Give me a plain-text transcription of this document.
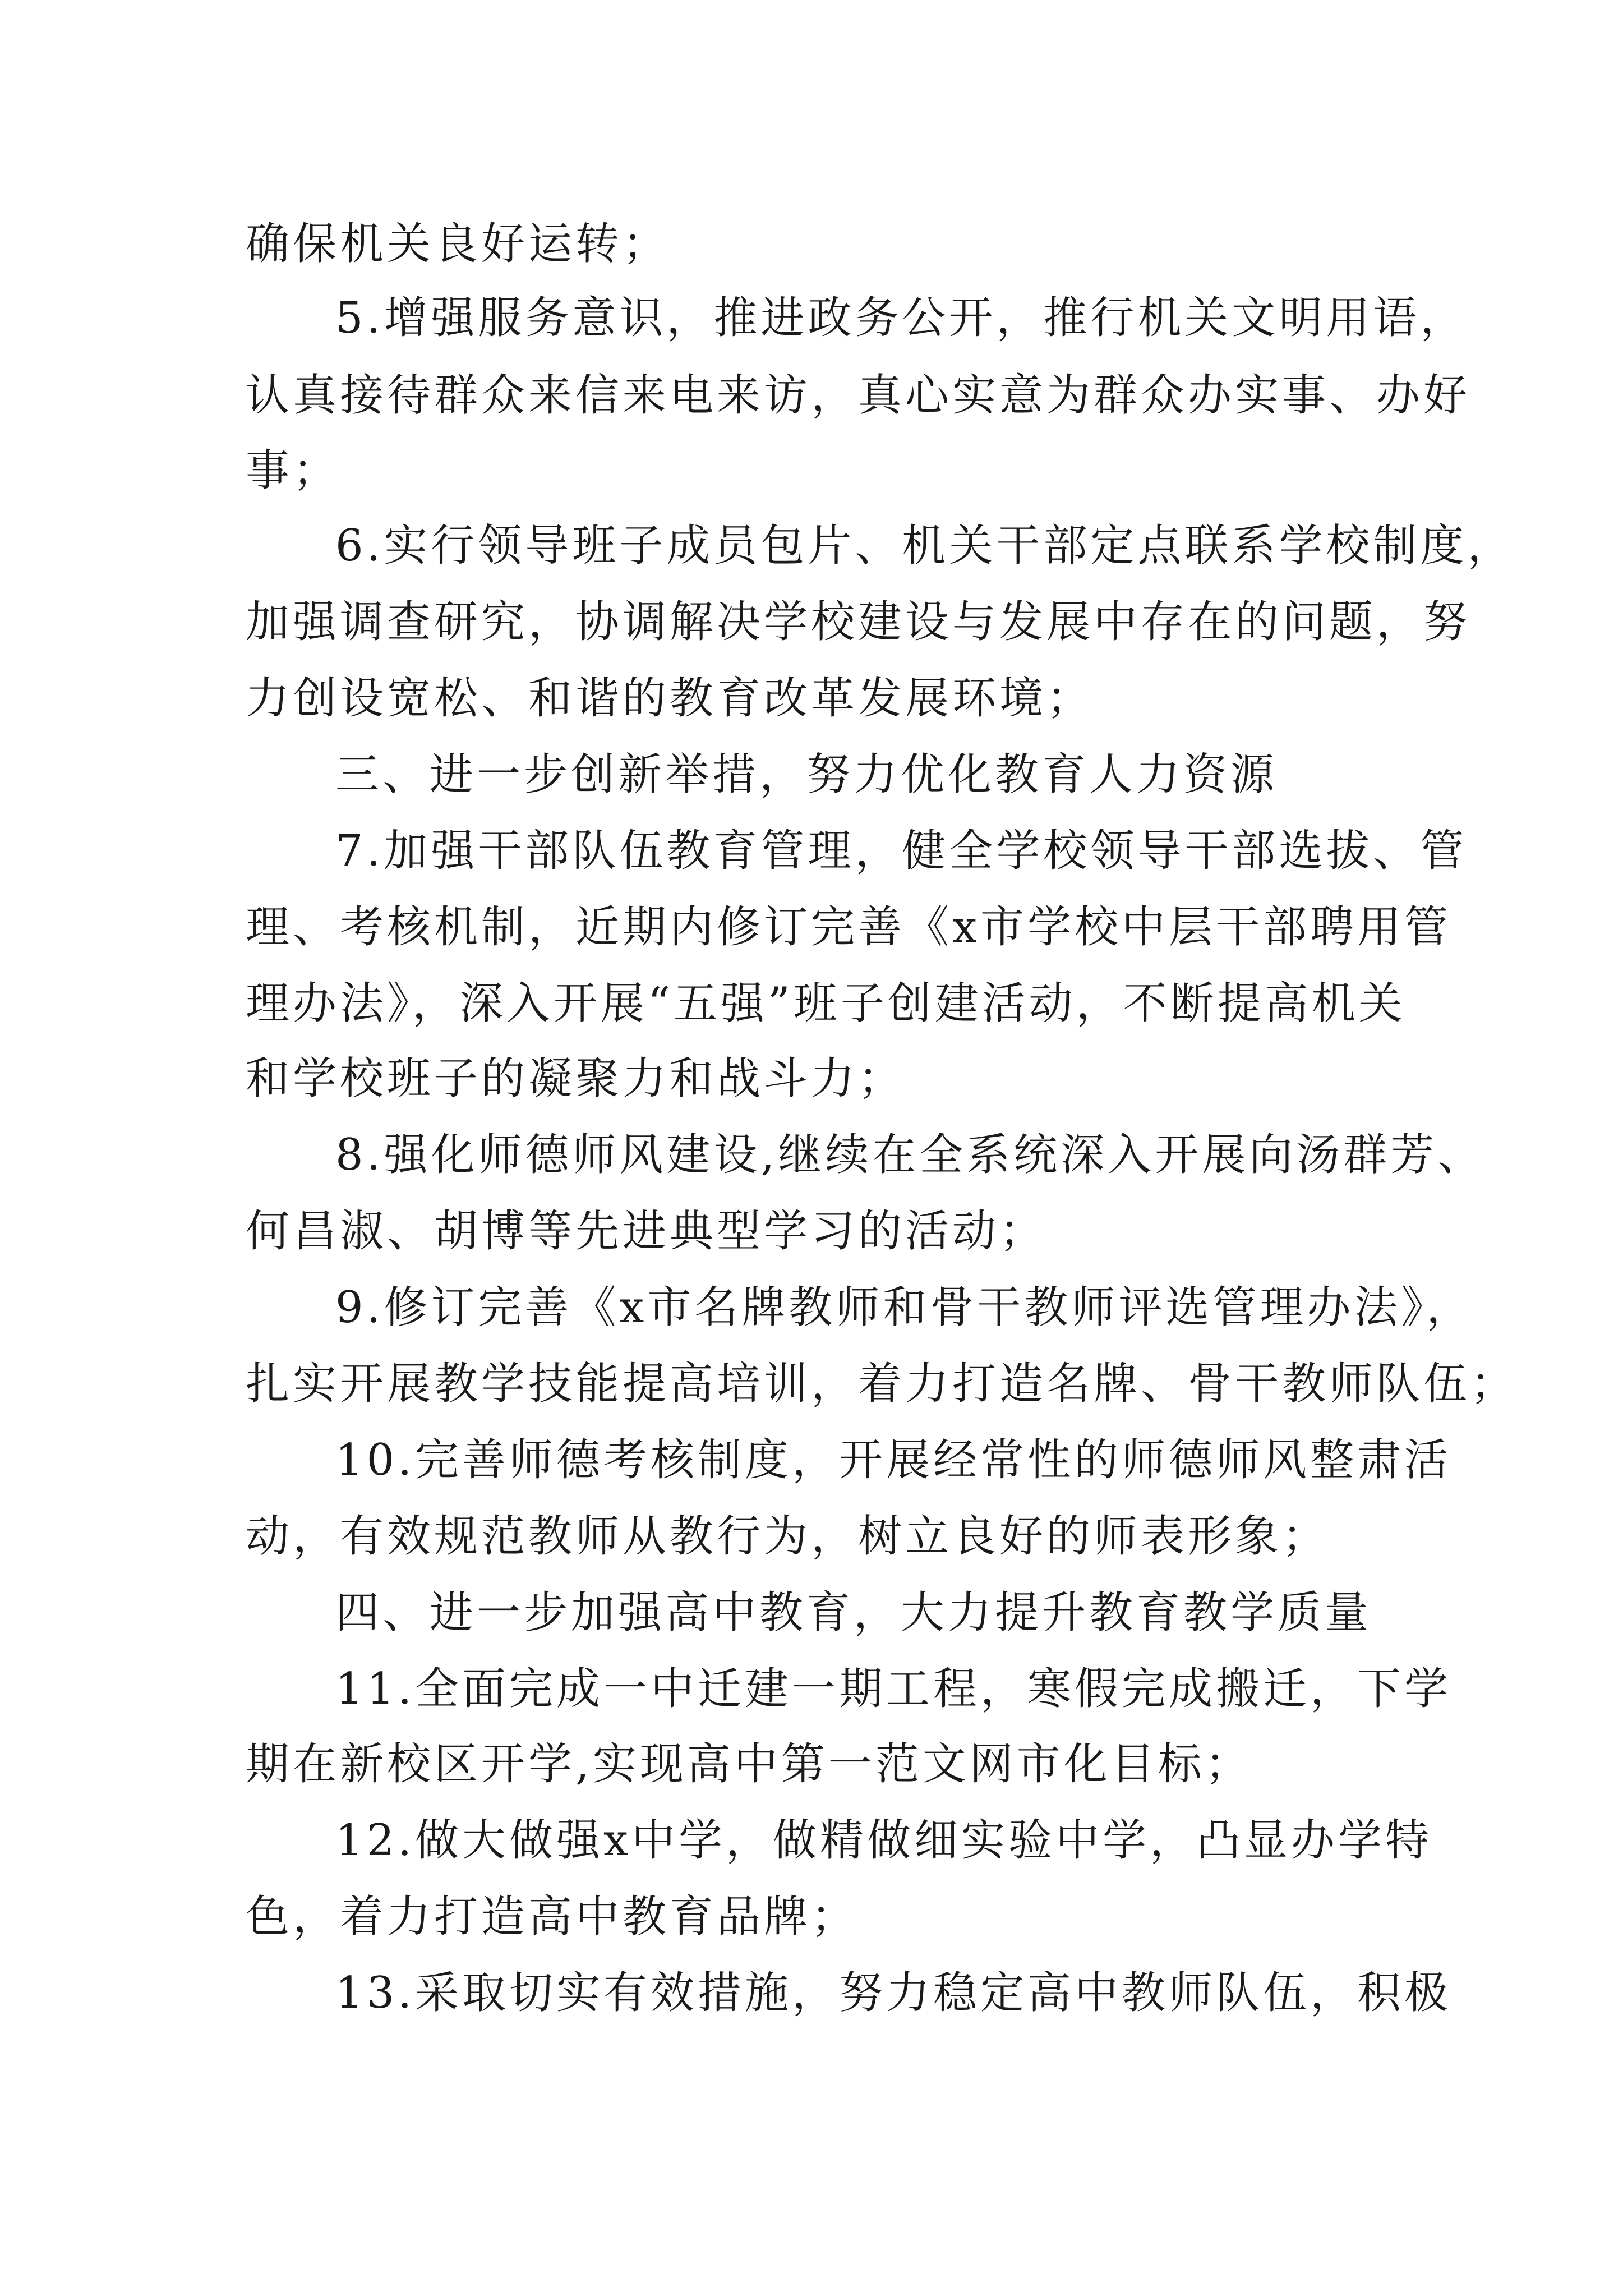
确保机关良好运转；
5.增强服务意识，推进政务公开，推行机关文明用语，
认真接待群众来信来电来访，真心实意为群众办实事、办好
事；
6.实行领导班子成员包片、机关干部定点联系学校制度，
加强调查研究，协调解决学校建设与发展中存在的问题，努
力创设宽松、和谐的教育改革发展环境；
三、进一步创新举措，努力优化教育人力资源
7.加强干部队伍教育管理，健全学校领导干部选拔、管
理、考核机制，近期内修订完善《x市学校中层干部聘用管
理办法》，深入开展“五强”班子创建活动，不断提高机关
和学校班子的凝聚力和战斗力；
8.强化师德师风建设,继续在全系统深入开展向汤群芳、
何昌淑、胡博等先进典型学习的活动；
9.修订完善《x市名牌教师和骨干教师评选管理办法》，
扎实开展教学技能提高培训，着力打造名牌、骨干教师队伍；
10.完善师德考核制度，开展经常性的师德师风整肃活
动，有效规范教师从教行为，树立良好的师表形象；
四、进一步加强高中教育，大力提升教育教学质量
11.全面完成一中迁建一期工程，寒假完成搬迁，下学
期在新校区开学,实现高中第一范文网市化目标；
12.做大做强x中学，做精做细实验中学，凸显办学特
色，着力打造高中教育品牌；
13.采取切实有效措施，努力稳定高中教师队伍，积极
